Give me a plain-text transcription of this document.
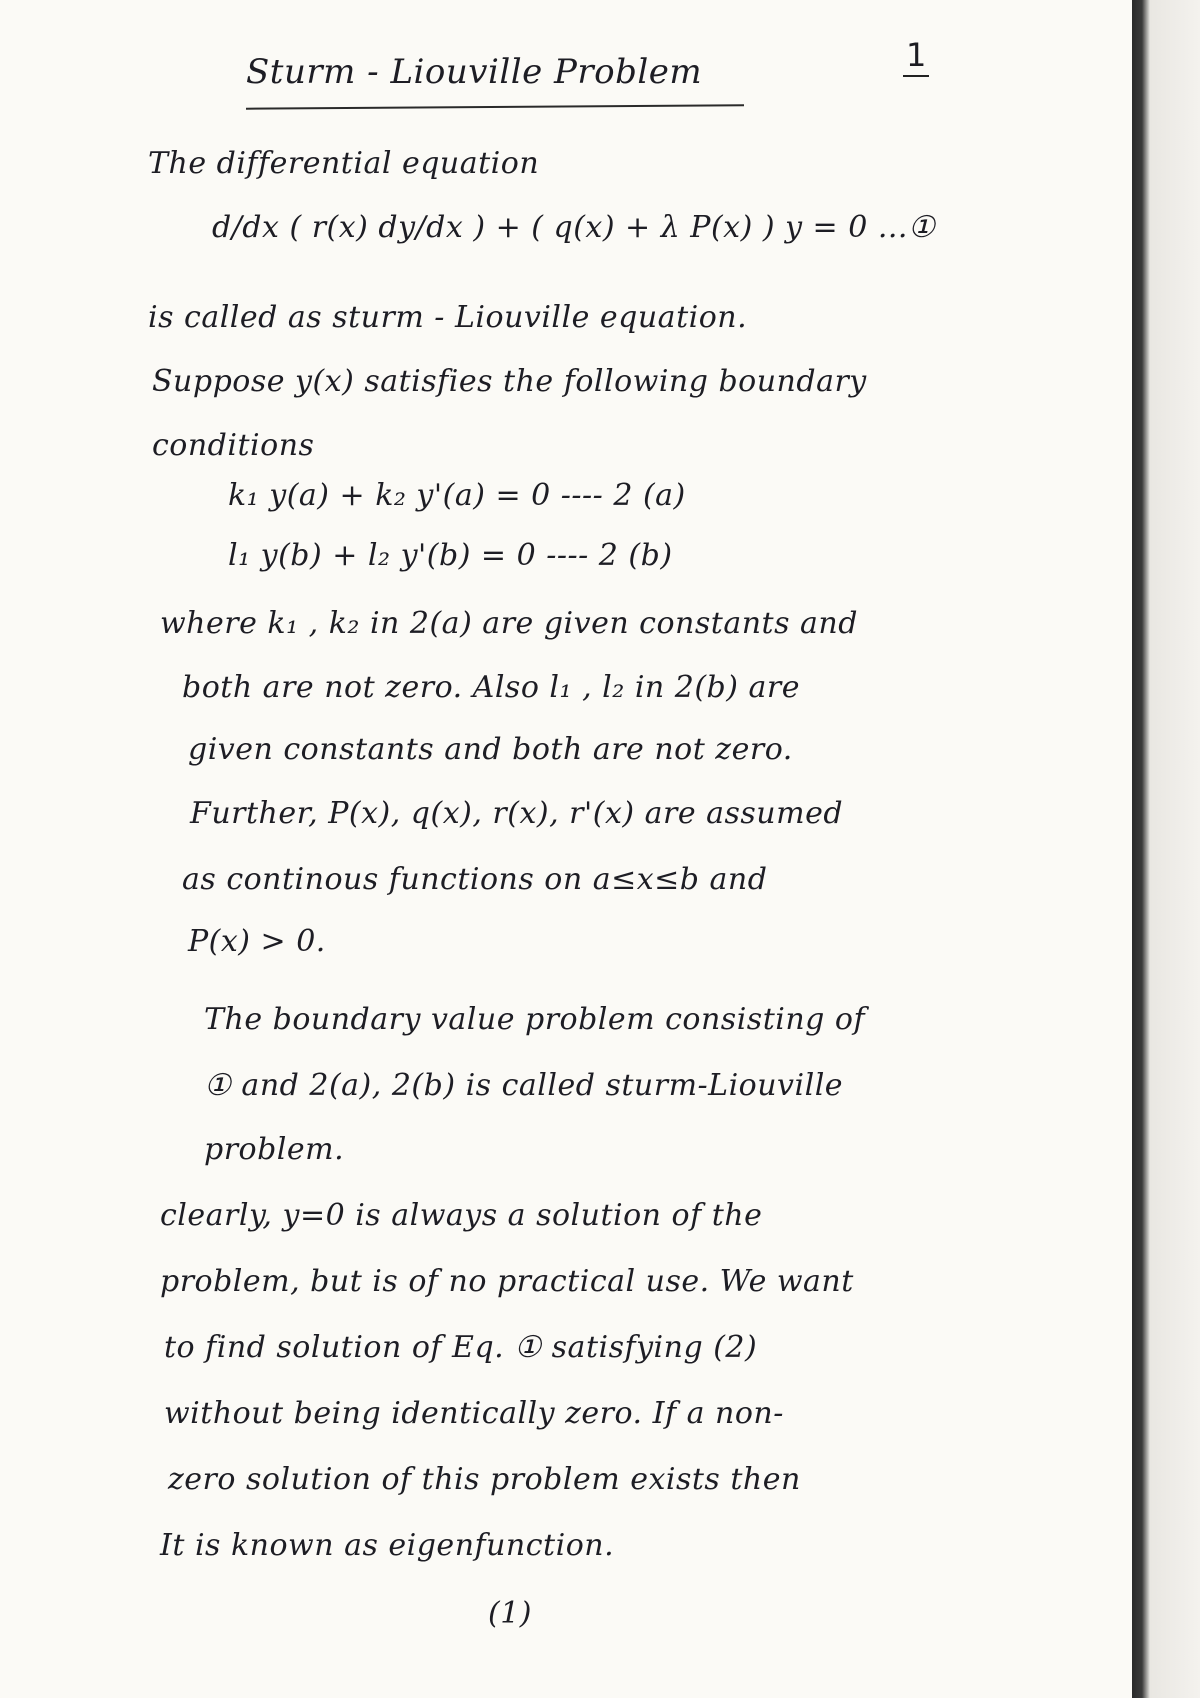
Sturm - Liouville Problem	1
The differential equation
d/dx ( r(x) dy/dx ) + ( q(x) + λ P(x) ) y = 0 ...①
is called as sturm - Liouville equation.
Suppose y(x) satisfies the following boundary
conditions
k₁ y(a) + k₂ y'(a) = 0 ---- 2 (a)
l₁ y(b) + l₂ y'(b) = 0 ---- 2 (b)
where k₁ , k₂ in 2(a) are given constants and
both are not zero. Also l₁ , l₂ in 2(b) are
given constants and both are not zero.
Further, P(x), q(x), r(x), r'(x) are assumed
as continous functions on a≤x≤b and
P(x) > 0.
The boundary value problem consisting of
① and 2(a), 2(b) is called sturm-Liouville
problem.
clearly, y=0 is always a solution of the
problem, but is of no practical use. We want
to find solution of Eq. ① satisfying (2)
without being identically zero. If a non-
zero solution of this problem exists then
It is known as eigenfunction.
(1)
